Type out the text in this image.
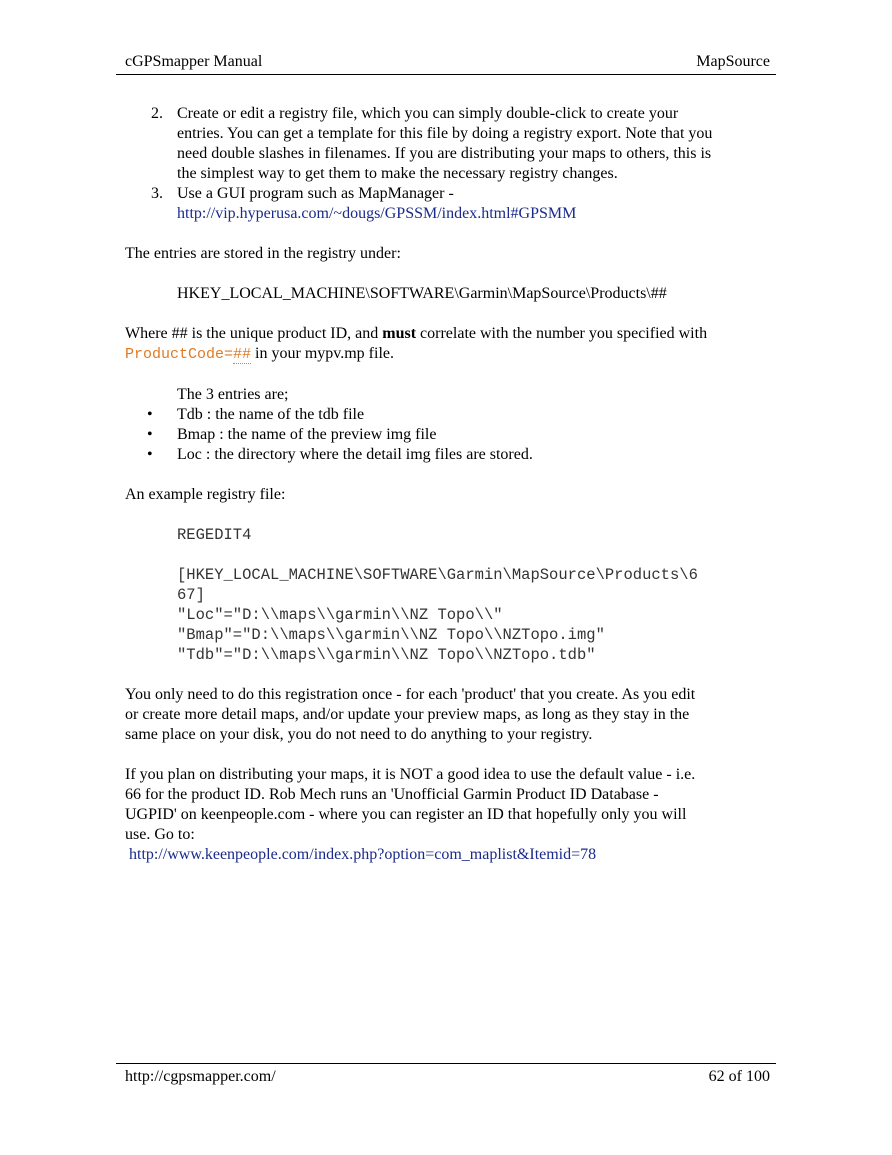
cGPSmapper Manual	MapSource
2. Create or edit a registry file, which you can simply double-click to create your
entries. You can get a template for this file by doing a registry export. Note that you
need double slashes in filenames. If you are distributing your maps to others, this is
the simplest way to get them to make the necessary registry changes.
3. Use a GUI program such as MapManager -
http://vip.hyperusa.com/~dougs/GPSSM/index.html#GPSMM

The entries are stored in the registry under:

HKEY_LOCAL_MACHINE\SOFTWARE\Garmin\MapSource\Products\##

Where ## is the unique product ID, and must correlate with the number you specified with

ProductCode=## in your mypv.mp file.

The 3 entries are;

• Tdb : the name of the tdb file
• Bmap : the name of the preview img file
• Loc : the directory where the detail img files are stored.

An example registry file:

REGEDIT4
[HKEY_LOCAL_MACHINE\SOFTWARE\Garmin\MapSource\Products\6
67]
"Loc"="D:\\maps\\garmin\\NZ Topo\\"
"Bmap"="D:\\maps\\garmin\\NZ Topo\\NZTopo.img"
"Tdb"="D:\\maps\\garmin\\NZ Topo\\NZTopo.tdb"
You only need to do this registration once - for each 'product' that you create. As you edit
or create more detail maps, and/or update your preview maps, as long as they stay in the
same place on your disk, you do not need to do anything to your registry.
If you plan on distributing your maps, it is NOT a good idea to use the default value - i.e.
66 for the product ID. Rob Mech runs an 'Unofficial Garmin Product ID Database -
UGPID' on keenpeople.com - where you can register an ID that hopefully only you will
use. Go to:
http://www.keenpeople.com/index.php?option=com_maplist&Itemid=78
http://cgpsmapper.com/	62 of 100
